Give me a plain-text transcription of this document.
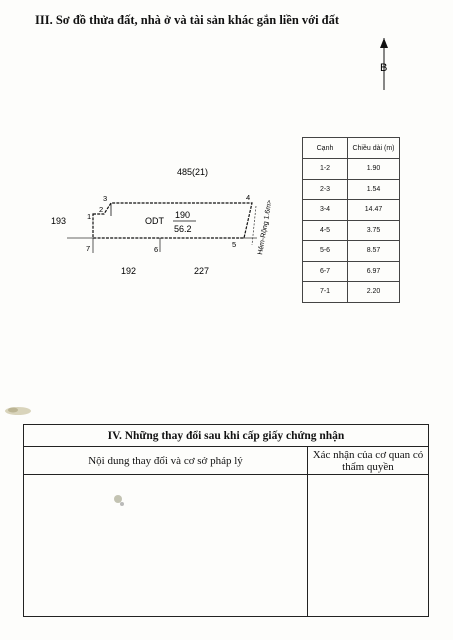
III. Sơ đồ thửa đất, nhà ở và tài sản khác gắn liền với đất
B
1
2
3	4
5
6
7
485(21)
193
192	227
ODT
190
56.2	Hẻm-Rộng 1.6m>
Cạnh	Chiều dài (m)
1-2	1.90
2-3	1.54
3-4	14.47
4-5	3.75
5-6	8.57
6-7	6.97
7-1	2.20
IV. Những thay đổi sau khi cấp giấy chứng nhận
Nội dung thay đổi và cơ sở pháp lý	Xác nhận của cơ quan có thẩm quyền
